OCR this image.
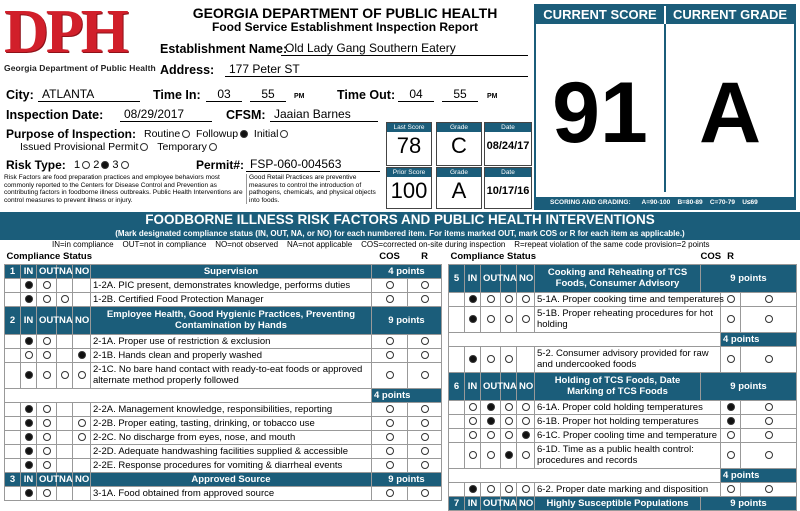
DPH
Georgia Department of Public Health
GEORGIA DEPARTMENT OF PUBLIC HEALTH
Food Service Establishment Inspection Report
Establishment Name:
Old Lady Gang Southern Eatery
Address:	177 Peter ST
City: ATLANTA	Time In:	03	55	PM	Time Out:	04	55	PM
Inspection Date:	08/29/2017	CFSM: Jaaian Barnes
Purpose of Inspection: Routine Followup Initial
Issued Provisional Permit Temporary
Risk Type: 1 2 3	Permit#: FSP-060-004563
Risk Factors are food preparation practices and employee behaviors most commonly reported to the Centers for Disease Control and Prevention as contributing factors in foodborne illness outbreaks. Public Health Interventions are control measures to prevent illness or injury.
Good Retail Practices are preventive measures to control the introduction of pathogens, chemicals, and physical objects into foods.
Last Score
78
Grade
C
Date
08/24/17
Prior Score
100
Grade
A
Date
10/17/16
CURRENT SCORE	CURRENT GRADE
91 A
SCORING AND GRADING: A=90-100 B=80-89 C=70-79 U≤69
FOODBORNE ILLNESS RISK FACTORS AND PUBLIC HEALTH INTERVENTIONS
(Mark designated compliance status (IN, OUT, NA, or NO) for each numbered item. For items marked OUT, mark COS or R for each item as applicable.)
IN=in compliance OUT=not in compliance NO=not observed NA=not applicable COS=corrected on-site during inspection R=repeat violation of the same code provision=2 points
Compliance Status						COS	R
1	IN	OUT	NA	NO	Supervision	4 points	
					1-2A. PIC present, demonstrates knowledge, performs duties		
					1-2B. Certified Food Protection Manager		
2	IN	OUT	NA	NO	Employee Health, Good Hygienic Practices, Preventing Contamination by Hands	9 points	
					2-1A. Proper use of restriction & exclusion		
					2-1B. Hands clean and properly washed		
					2-1C. No bare hand contact with ready-to-eat foods or approved alternate method properly followed		
						4 points	
					2-2A. Management knowledge, responsibilities, reporting		
					2-2B. Proper eating, tasting, drinking, or tobacco use		
					2-2C. No discharge from eyes, nose, and mouth		
					2-2D. Adequate handwashing facilities supplied & accessible		
					2-2E. Response procedures for vomiting & diarrheal events		
3	IN	OUT	NA	NO	Approved Source	9 points	
					3-1A. Food obtained from approved source		
Compliance Status						COS	R	
5	IN	OUT	NA	NO	Cooking and Reheating of TCS Foods, Consumer Advisory	9 points		
					5-1A. Proper cooking time and temperatures			
					5-1B. Proper reheating procedures for hot holding			
							4 points	
					5-2. Consumer advisory provided for raw and undercooked foods			
6	IN	OUT	NA	NO	Holding of TCS Foods, Date Marking of TCS Foods	9 points		
					6-1A. Proper cold holding temperatures			
					6-1B. Proper hot holding temperatures			
					6-1C. Proper cooling time and temperature			
					6-1D. Time as a public health control: procedures and records			
							4 points	
					6-2. Proper date marking and disposition			
7	IN	OUT	NA	NO	Highly Susceptible Populations	9 points		
